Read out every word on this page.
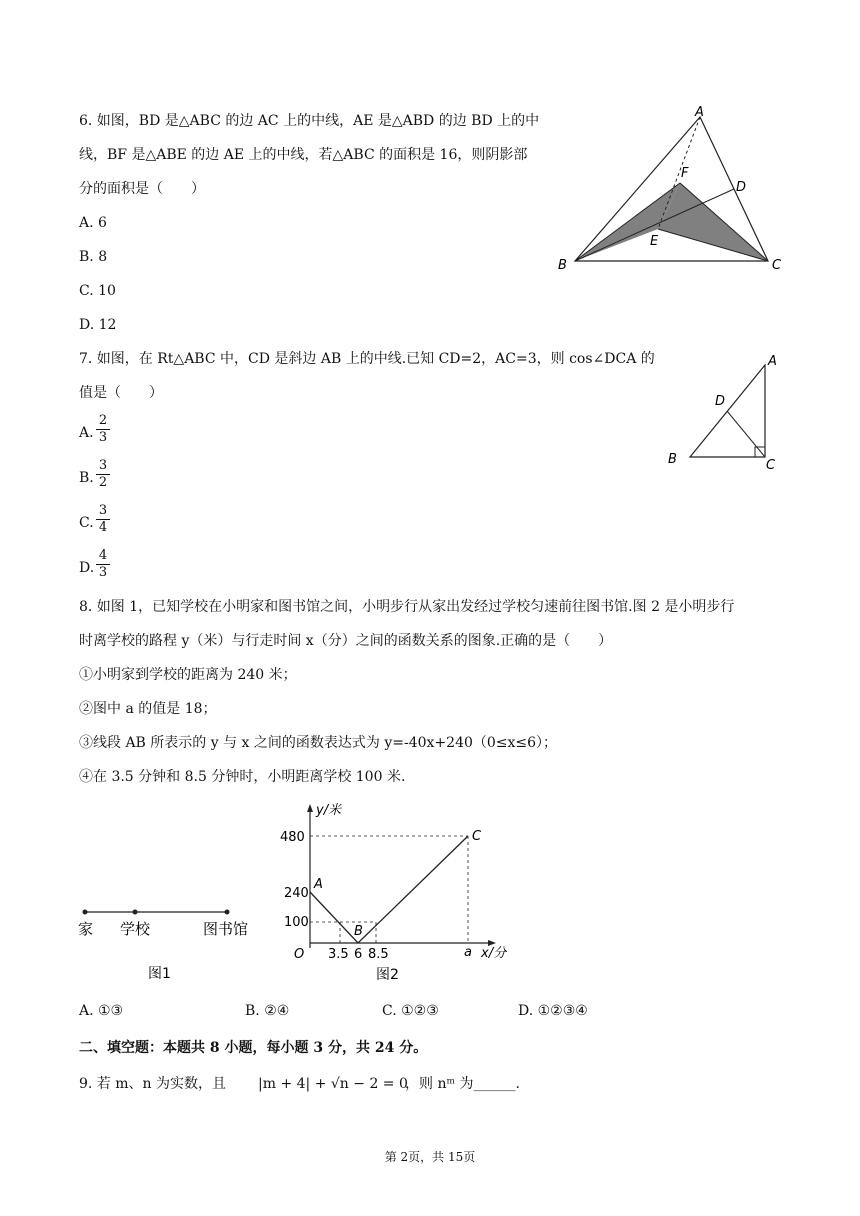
6. 如图，BD 是△ABC 的边 AC 上的中线，AE 是△ABD 的边 BD 上的中
线，BF 是△ABE 的边 AE 上的中线，若△ABC 的面积是 16，则阴影部
分的面积是（　　）
A. 6
B. 8
C. 10
D. 12
A
B	C
D
E
F
7. 如图，在 Rt△ABC 中，CD 是斜边 AB 上的中线.已知 CD=2，AC=3，则 cos∠DCA 的
值是（　　）
A. $\frac{2}{3}$
B. $\frac{3}{2}$
C. $\frac{3}{4}$
D. $\frac{4}{3}$
A
B	C
D
8. 如图 1，已知学校在小明家和图书馆之间，小明步行从家出发经过学校匀速前往图书馆.图 2 是小明步行
时离学校的路程 y（米）与行走时间 x（分）之间的函数关系的图象.正确的是（　　）
①小明家到学校的距离为 240 米；
②图中 a 的值是 18；
③线段 AB 所表示的 y 与 x 之间的函数表达式为 y=-40x+240（0≤x≤6）；
④在 3.5 分钟和 8.5 分钟时，小明距离学校 100 米.
家 学校	图书馆
图1
y/米
x/分
O
480
240
100
3.5 6 8.5	a
A
B
C
图2
A. ①③	B. ②④	C. ①②③	D. ①②③④
二、填空题：本题共 8 小题，每小题 3 分，共 24 分。
9. 若 m、n 为实数，且 |m + 4| + √n − 2 = 0
，则 nᵐ 为______.
第 2页，共 15页
